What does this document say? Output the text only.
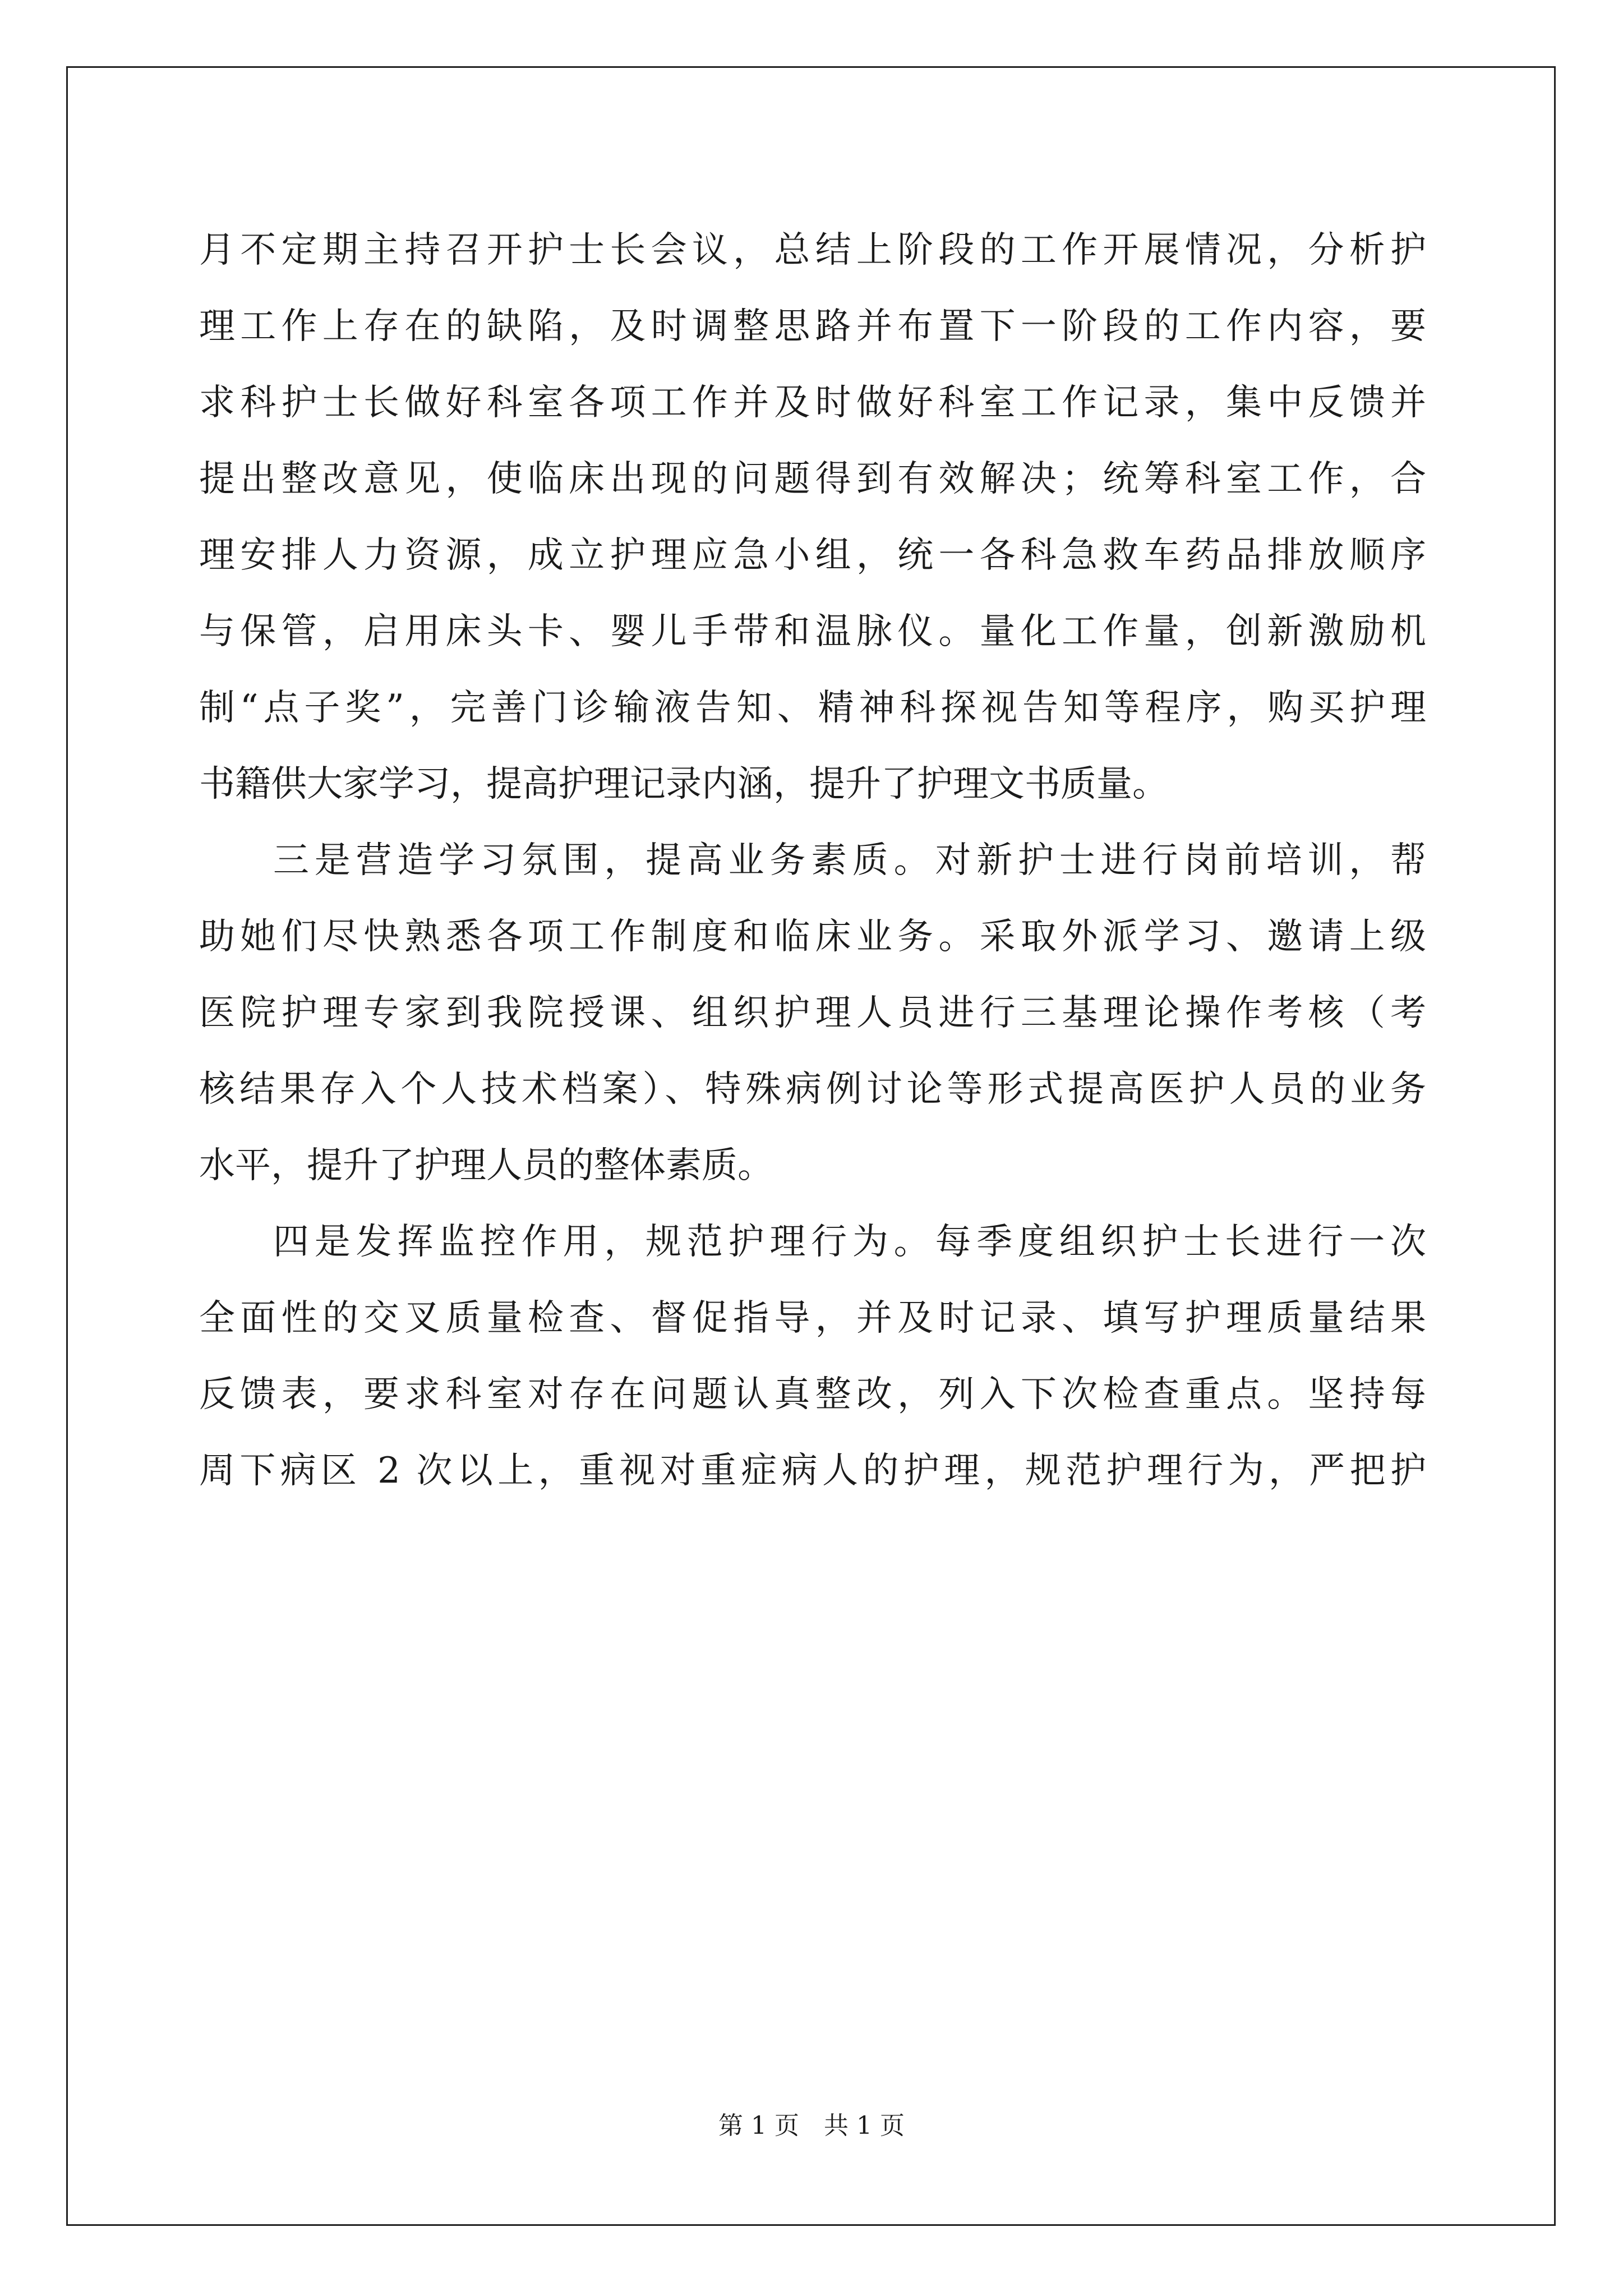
月不定期主持召开护士长会议，总结上阶段的工作开展情况，分析护
理工作上存在的缺陷，及时调整思路并布置下一阶段的工作内容，要
求科护士长做好科室各项工作并及时做好科室工作记录，集中反馈并
提出整改意见，使临床出现的问题得到有效解决；统筹科室工作，合
理安排人力资源，成立护理应急小组，统一各科急救车药品排放顺序
与保管，启用床头卡、婴儿手带和温脉仪。量化工作量，创新激励机
制“点子奖”，完善门诊输液告知、精神科探视告知等程序，购买护理
书籍供大家学习，提高护理记录内涵，提升了护理文书质量。
三是营造学习氛围，提高业务素质。对新护士进行岗前培训，帮
助她们尽快熟悉各项工作制度和临床业务。采取外派学习、邀请上级
医院护理专家到我院授课、组织护理人员进行三基理论操作考核（考
核结果存入个人技术档案）、特殊病例讨论等形式提高医护人员的业务
水平，提升了护理人员的整体素质。
四是发挥监控作用，规范护理行为。每季度组织护士长进行一次
全面性的交叉质量检查、督促指导，并及时记录、填写护理质量结果
反馈表，要求科室对存在问题认真整改，列入下次检查重点。坚持每
周下病区 2 次以上，重视对重症病人的护理，规范护理行为，严把护
第 1 页　共 1 页
